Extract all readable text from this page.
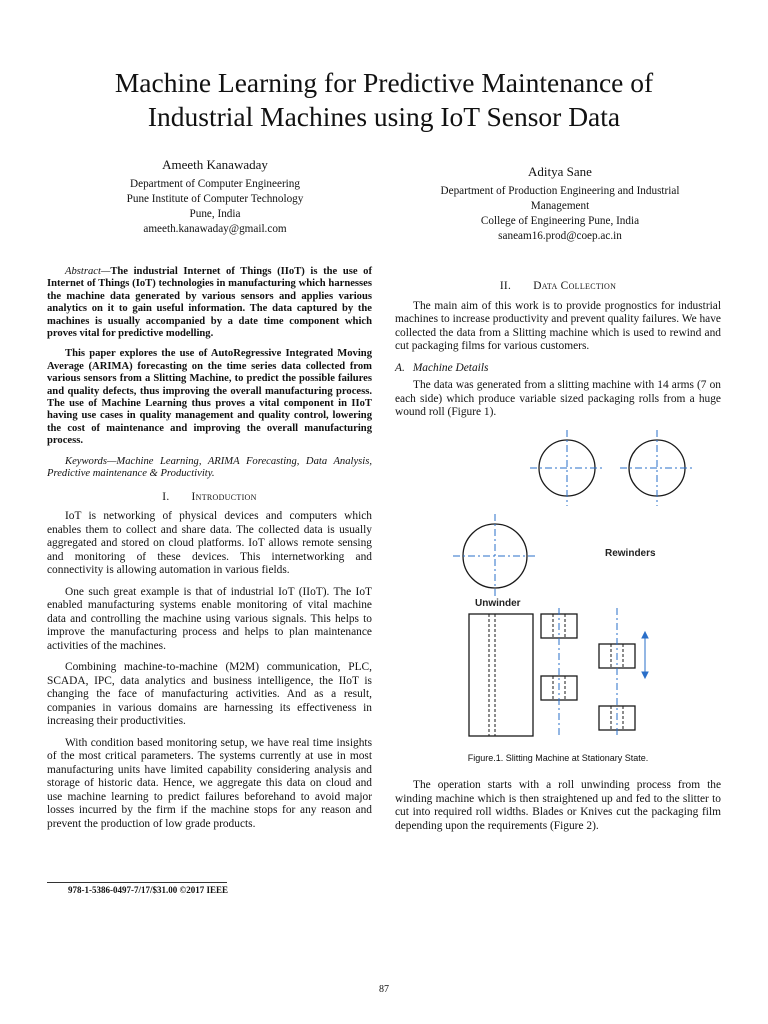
Machine Learning for Predictive Maintenance of
Industrial Machines using IoT Sensor Data
Ameeth Kanawaday
Department of Computer Engineering
Pune Institute of Computer Technology
Pune, India
ameeth.kanawaday@gmail.com
Aditya Sane
Department of Production Engineering and Industrial
Management
College of Engineering Pune, India
saneam16.prod@coep.ac.in

Abstract—The industrial Internet of Things (IIoT) is the use of Internet of Things (IoT) technologies in manufacturing which harnesses the machine data generated by various sensors and applies various analytics on it to gain useful information. The data captured by the machines is usually accompanied by a date time component which proves vital for predictive modelling.

This paper explores the use of AutoRegressive Integrated Moving Average (ARIMA) forecasting on the time series data collected from various sensors from a Slitting Machine, to predict the possible failures and quality defects, thus improving the overall manufacturing process. The use of Machine Learning thus proves a vital component in IIoT having use cases in quality management and quality control, lowering the cost of maintenance and improving the overall manufacturing process.

Keywords—Machine Learning, ARIMA Forecasting, Data Analysis, Predictive maintenance & Productivity.

I. Introduction

IoT is networking of physical devices and computers which enables them to collect and share data. The collected data is usually aggregated and stored on cloud platforms. IoT allows remote sensing and monitoring of these devices. This internetworking and connectivity is allowing automation in various fields.

One such great example is that of industrial IoT (IIoT). The IoT enabled manufacturing systems enable monitoring of vital machine data and controlling the machine using various signals. This helps to improve the manufacturing process and helps to plan maintenance activities of the machines.

Combining machine-to-machine (M2M) communication, PLC, SCADA, IPC, data analytics and business intelligence, the IIoT is changing the face of manufacturing activities. And as a result, companies in various domains are harnessing its effectiveness in increasing their productivities.

With condition based monitoring setup, we have real time insights of the most critical parameters. The systems currently at use in most manufacturing units have limited capability considering analysis and storage of historic data. Hence, we aggregate this data on cloud and use machine learning to predict failures beforehand to avoid major losses incurred by the firm if the machine stops for any reason and prevent the production of low grade products.

II. Data Collection

The main aim of this work is to provide prognostics for industrial machines to increase productivity and prevent quality failures. We have collected the data from a Slitting machine which is used to rewind and cut packaging films for various customers.

A. Machine Details

The data was generated from a slitting machine with 14 arms (7 on each side) which produce variable sized packaging rolls from a huge wound roll (Figure 1).

Rewinders
Unwinder
Figure.1. Slitting Machine at Stationary State.

The operation starts with a roll unwinding process from the winding machine which is then straightened up and fed to the slitter to cut into required roll widths. Blades or Knives cut the packaging film depending upon the requirements (Figure 2).

978-1-5386-0497-7/17/$31.00 ©2017 IEEE
87
